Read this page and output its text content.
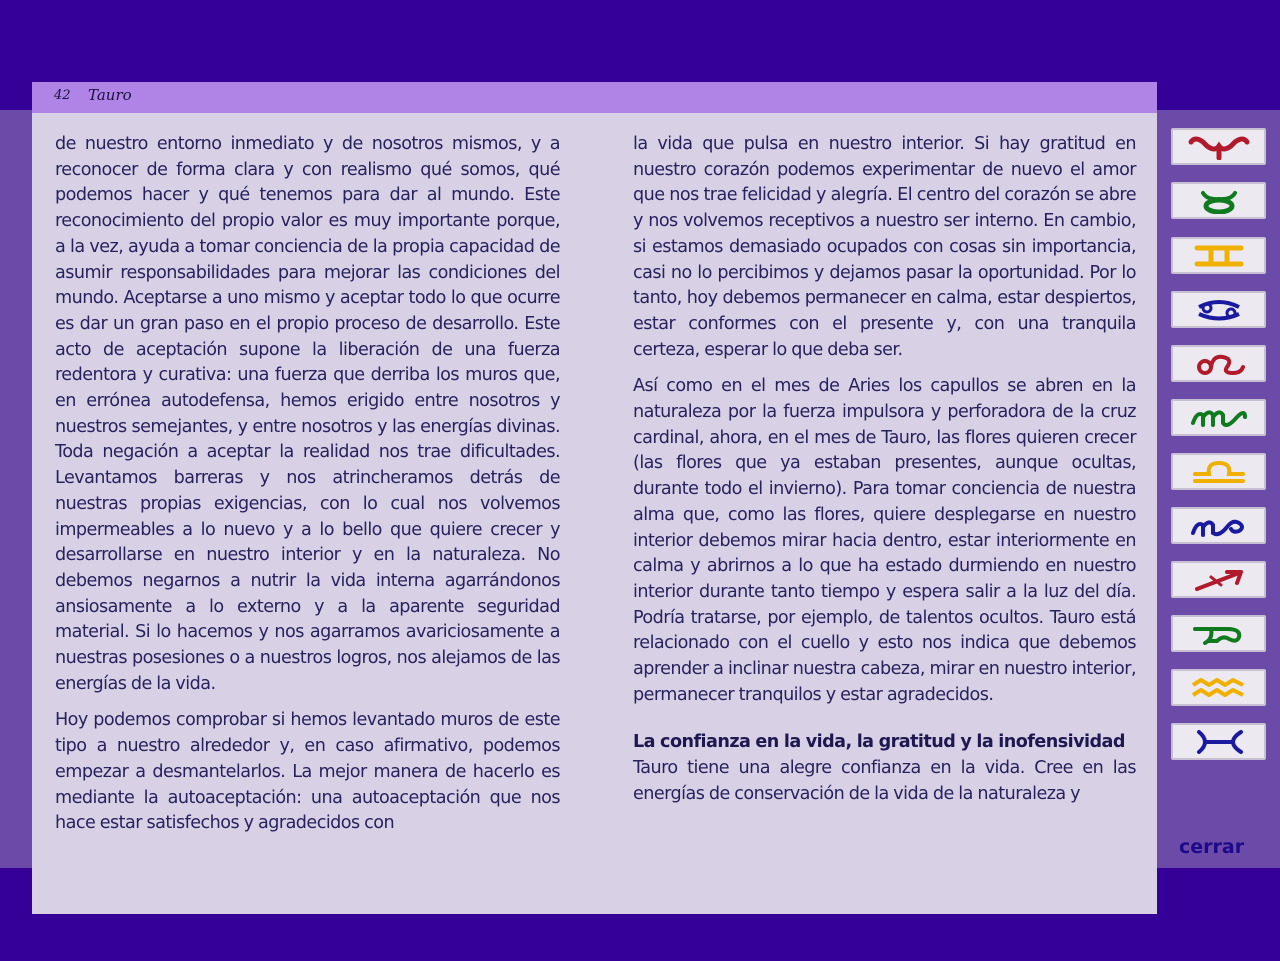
42 Tauro

de nuestro entorno inmediato y de nosotros mismos, y a reconocer de forma clara y con realismo qué somos, qué podemos hacer y qué tenemos para dar al mundo. Este reconocimiento del propio valor es muy importante porque, a la vez, ayuda a tomar conciencia de la propia capacidad de asumir responsabilidades para mejorar las condiciones del mundo. Aceptarse a uno mismo y aceptar todo lo que ocurre es dar un gran paso en el propio proceso de desarrollo. Este acto de aceptación supone la liberación de una fuerza redentora y curativa: una fuerza que derriba los muros que, en errónea autodefensa, hemos erigido entre nosotros y nuestros semejantes, y entre nosotros y las energías divinas. Toda negación a aceptar la realidad nos trae dificultades. Levantamos barreras y nos atrincheramos detrás de nuestras propias exigencias, con lo cual nos volvemos impermeables a lo nuevo y a lo bello que quiere crecer y desarrollarse en nuestro interior y en la naturaleza. No debemos negarnos a nutrir la vida interna agarrándonos ansiosamente a lo externo y a la aparente seguridad material. Si lo hacemos y nos agarramos avariciosamente a nuestras posesiones o a nuestros logros, nos alejamos de las energías de la vida.

Hoy podemos comprobar si hemos levantado muros de este tipo a nuestro alrededor y, en caso afirmativo, podemos empezar a desmantelarlos. La mejor manera de hacerlo es mediante la autoaceptación: una autoaceptación que nos hace estar satisfechos y agradecidos con

la vida que pulsa en nuestro interior. Si hay gratitud en nuestro corazón podemos experimentar de nuevo el amor que nos trae felicidad y alegría. El centro del corazón se abre y nos volvemos receptivos a nuestro ser interno. En cambio, si estamos demasiado ocupados con cosas sin importancia, casi no lo percibimos y dejamos pasar la oportunidad. Por lo tanto, hoy debemos permanecer en calma, estar despiertos, estar conformes con el presente y, con una tranquila certeza, esperar lo que deba ser.

Así como en el mes de Aries los capullos se abren en la naturaleza por la fuerza impulsora y perforadora de la cruz cardinal, ahora, en el mes de Tauro, las flores quieren crecer (las flores que ya estaban presentes, aunque ocultas, durante todo el invierno). Para tomar conciencia de nuestra alma que, como las flores, quiere desplegarse en nuestro interior debemos mirar hacia dentro, estar interiormente en calma y abrirnos a lo que ha estado durmiendo en nuestro interior durante tanto tiempo y espera salir a la luz del día. Podría tratarse, por ejemplo, de talentos ocultos. Tauro está relacionado con el cuello y esto nos indica que debemos aprender a inclinar nuestra cabeza, mirar en nuestro interior, permanecer tranquilos y estar agradecidos.

La confianza en la vida, la gratitud y la inofensividad

Tauro tiene una alegre confianza en la vida. Cree en las energías de conservación de la vida de la naturaleza y

cerrar
